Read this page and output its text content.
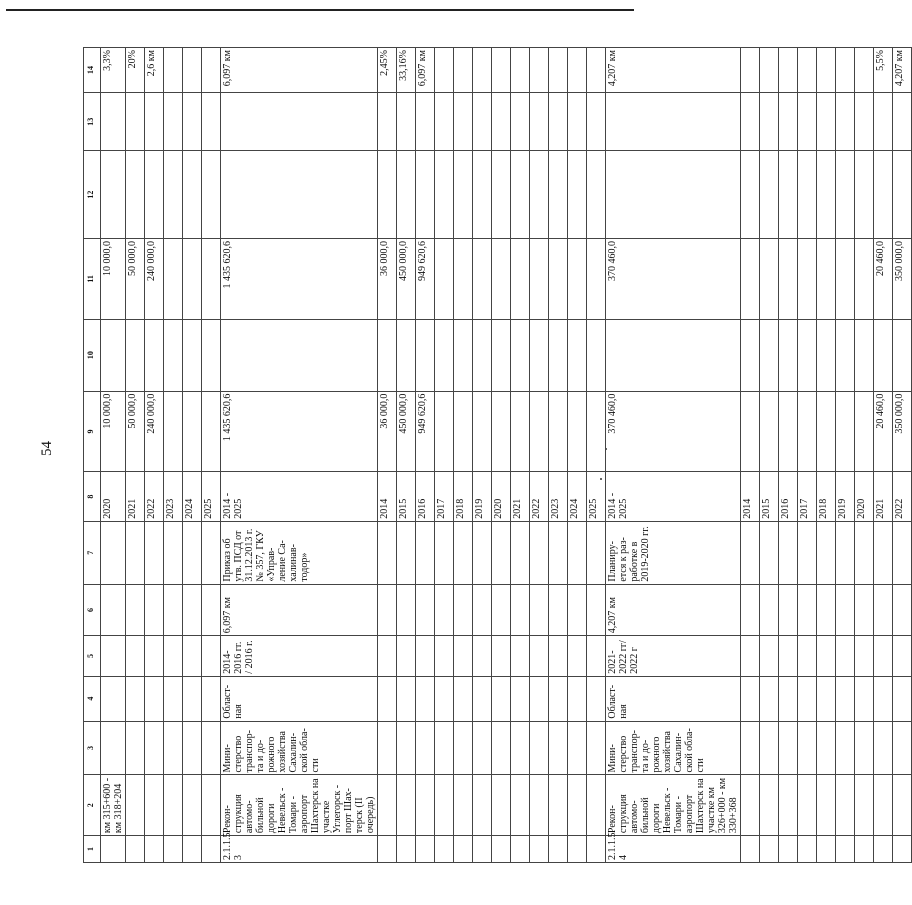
54
1	2	3	4	5	6	7	8	9	10	11	12	13	14
	км 315+600 - км 318+204						2020	10 000,0		10 000,0			3,3%
							2021	50 000,0		50 000,0			20%
							2022	240 000,0		240 000,0			2,6 км
							2023						
							2024						
							2025						
2.1.1.5 3	Рекон-струкция автомо-бильной дороги Невельск - Томари - аэропорт Шахтерск на участке Углегорск - порт Шах-терск (II очередь)	Мини-стерство транспор-та и до-рожного хозяйства Сахалин-ской обла-сти	Област-ная	2014-2016 гг. / 2016 г.	6,097 км	Приказ об утв. ПСД от 31.12.2013 г. № 357, ГКУ «Управ-ление Са-халинав-тодор»	2014 - 2025	1 435 620,6		1 435 620,6			6,097 км
							2014	36 000,0		36 000,0			2,45%
							2015	450 000,0		450 000,0			33,16%
							2016	949 620,6		949 620,6			6,097 км
							2017						
							2018						
							2019						
							2020						
							2021						
							2022						
							2023						
							2024						
							2025						
2.1.1.5 4	Рекон-струкция автомо-бильной дороги Невельск - Томари - аэропорт Шахтерск на участке км 326+000 - км 330+368	Мини-стерство транспор-та и до-рожного хозяйства Сахалин-ской обла-сти	Област-ная	2021-2022 гг/ 2022 г	4,207 км	Планиру-ется к раз-работке в 2019-2020 гг.	2014 - 2025	370 460,0		370 460,0			4,207 км
							2014						
							2015						
							2016						
							2017						
							2018						
							2019						
							2020						
							2021	20 460,0		20 460,0			5,5%
							2022	350 000,0		350 000,0			4,207 км
